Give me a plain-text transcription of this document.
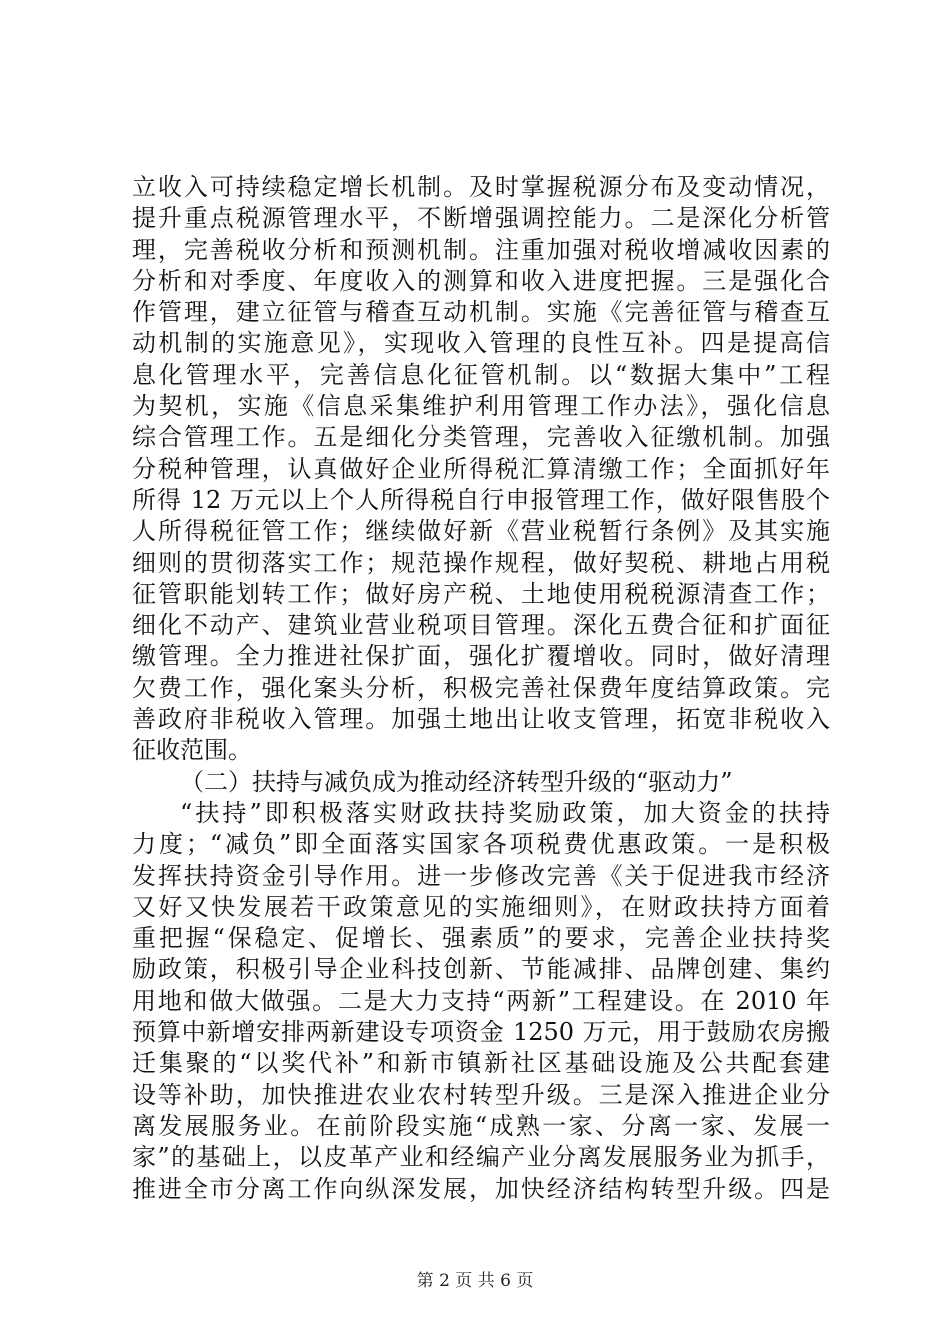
立收入可持续稳定增长机制。及时掌握税源分布及变动情况，
提升重点税源管理水平，不断增强调控能力。二是深化分析管
理，完善税收分析和预测机制。注重加强对税收增减收因素的
分析和对季度、年度收入的测算和收入进度把握。三是强化合
作管理，建立征管与稽查互动机制。实施《完善征管与稽查互
动机制的实施意见》，实现收入管理的良性互补。四是提高信
息化管理水平，完善信息化征管机制。以“数据大集中”工程
为契机，实施《信息采集维护利用管理工作办法》，强化信息
综合管理工作。五是细化分类管理，完善收入征缴机制。加强
分税种管理，认真做好企业所得税汇算清缴工作；全面抓好年
所得 12 万元以上个人所得税自行申报管理工作，做好限售股个
人所得税征管工作；继续做好新《营业税暂行条例》及其实施
细则的贯彻落实工作；规范操作规程，做好契税、耕地占用税
征管职能划转工作；做好房产税、土地使用税税源清查工作；
细化不动产、建筑业营业税项目管理。深化五费合征和扩面征
缴管理。全力推进社保扩面，强化扩覆增收。同时，做好清理
欠费工作，强化案头分析，积极完善社保费年度结算政策。完
善政府非税收入管理。加强土地出让收支管理，拓宽非税收入
征收范围。
（二）扶持与减负成为推动经济转型升级的“驱动力”
“扶持”即积极落实财政扶持奖励政策，加大资金的扶持
力度；“减负”即全面落实国家各项税费优惠政策。一是积极
发挥扶持资金引导作用。进一步修改完善《关于促进我市经济
又好又快发展若干政策意见的实施细则》，在财政扶持方面着
重把握“保稳定、促增长、强素质”的要求，完善企业扶持奖
励政策，积极引导企业科技创新、节能减排、品牌创建、集约
用地和做大做强。二是大力支持“两新”工程建设。在 2010 年
预算中新增安排两新建设专项资金 1250 万元，用于鼓励农房搬
迁集聚的“以奖代补”和新市镇新社区基础设施及公共配套建
设等补助，加快推进农业农村转型升级。三是深入推进企业分
离发展服务业。在前阶段实施“成熟一家、分离一家、发展一
家”的基础上，以皮革产业和经编产业分离发展服务业为抓手，
推进全市分离工作向纵深发展，加快经济结构转型升级。四是
第 2 页 共 6 页
